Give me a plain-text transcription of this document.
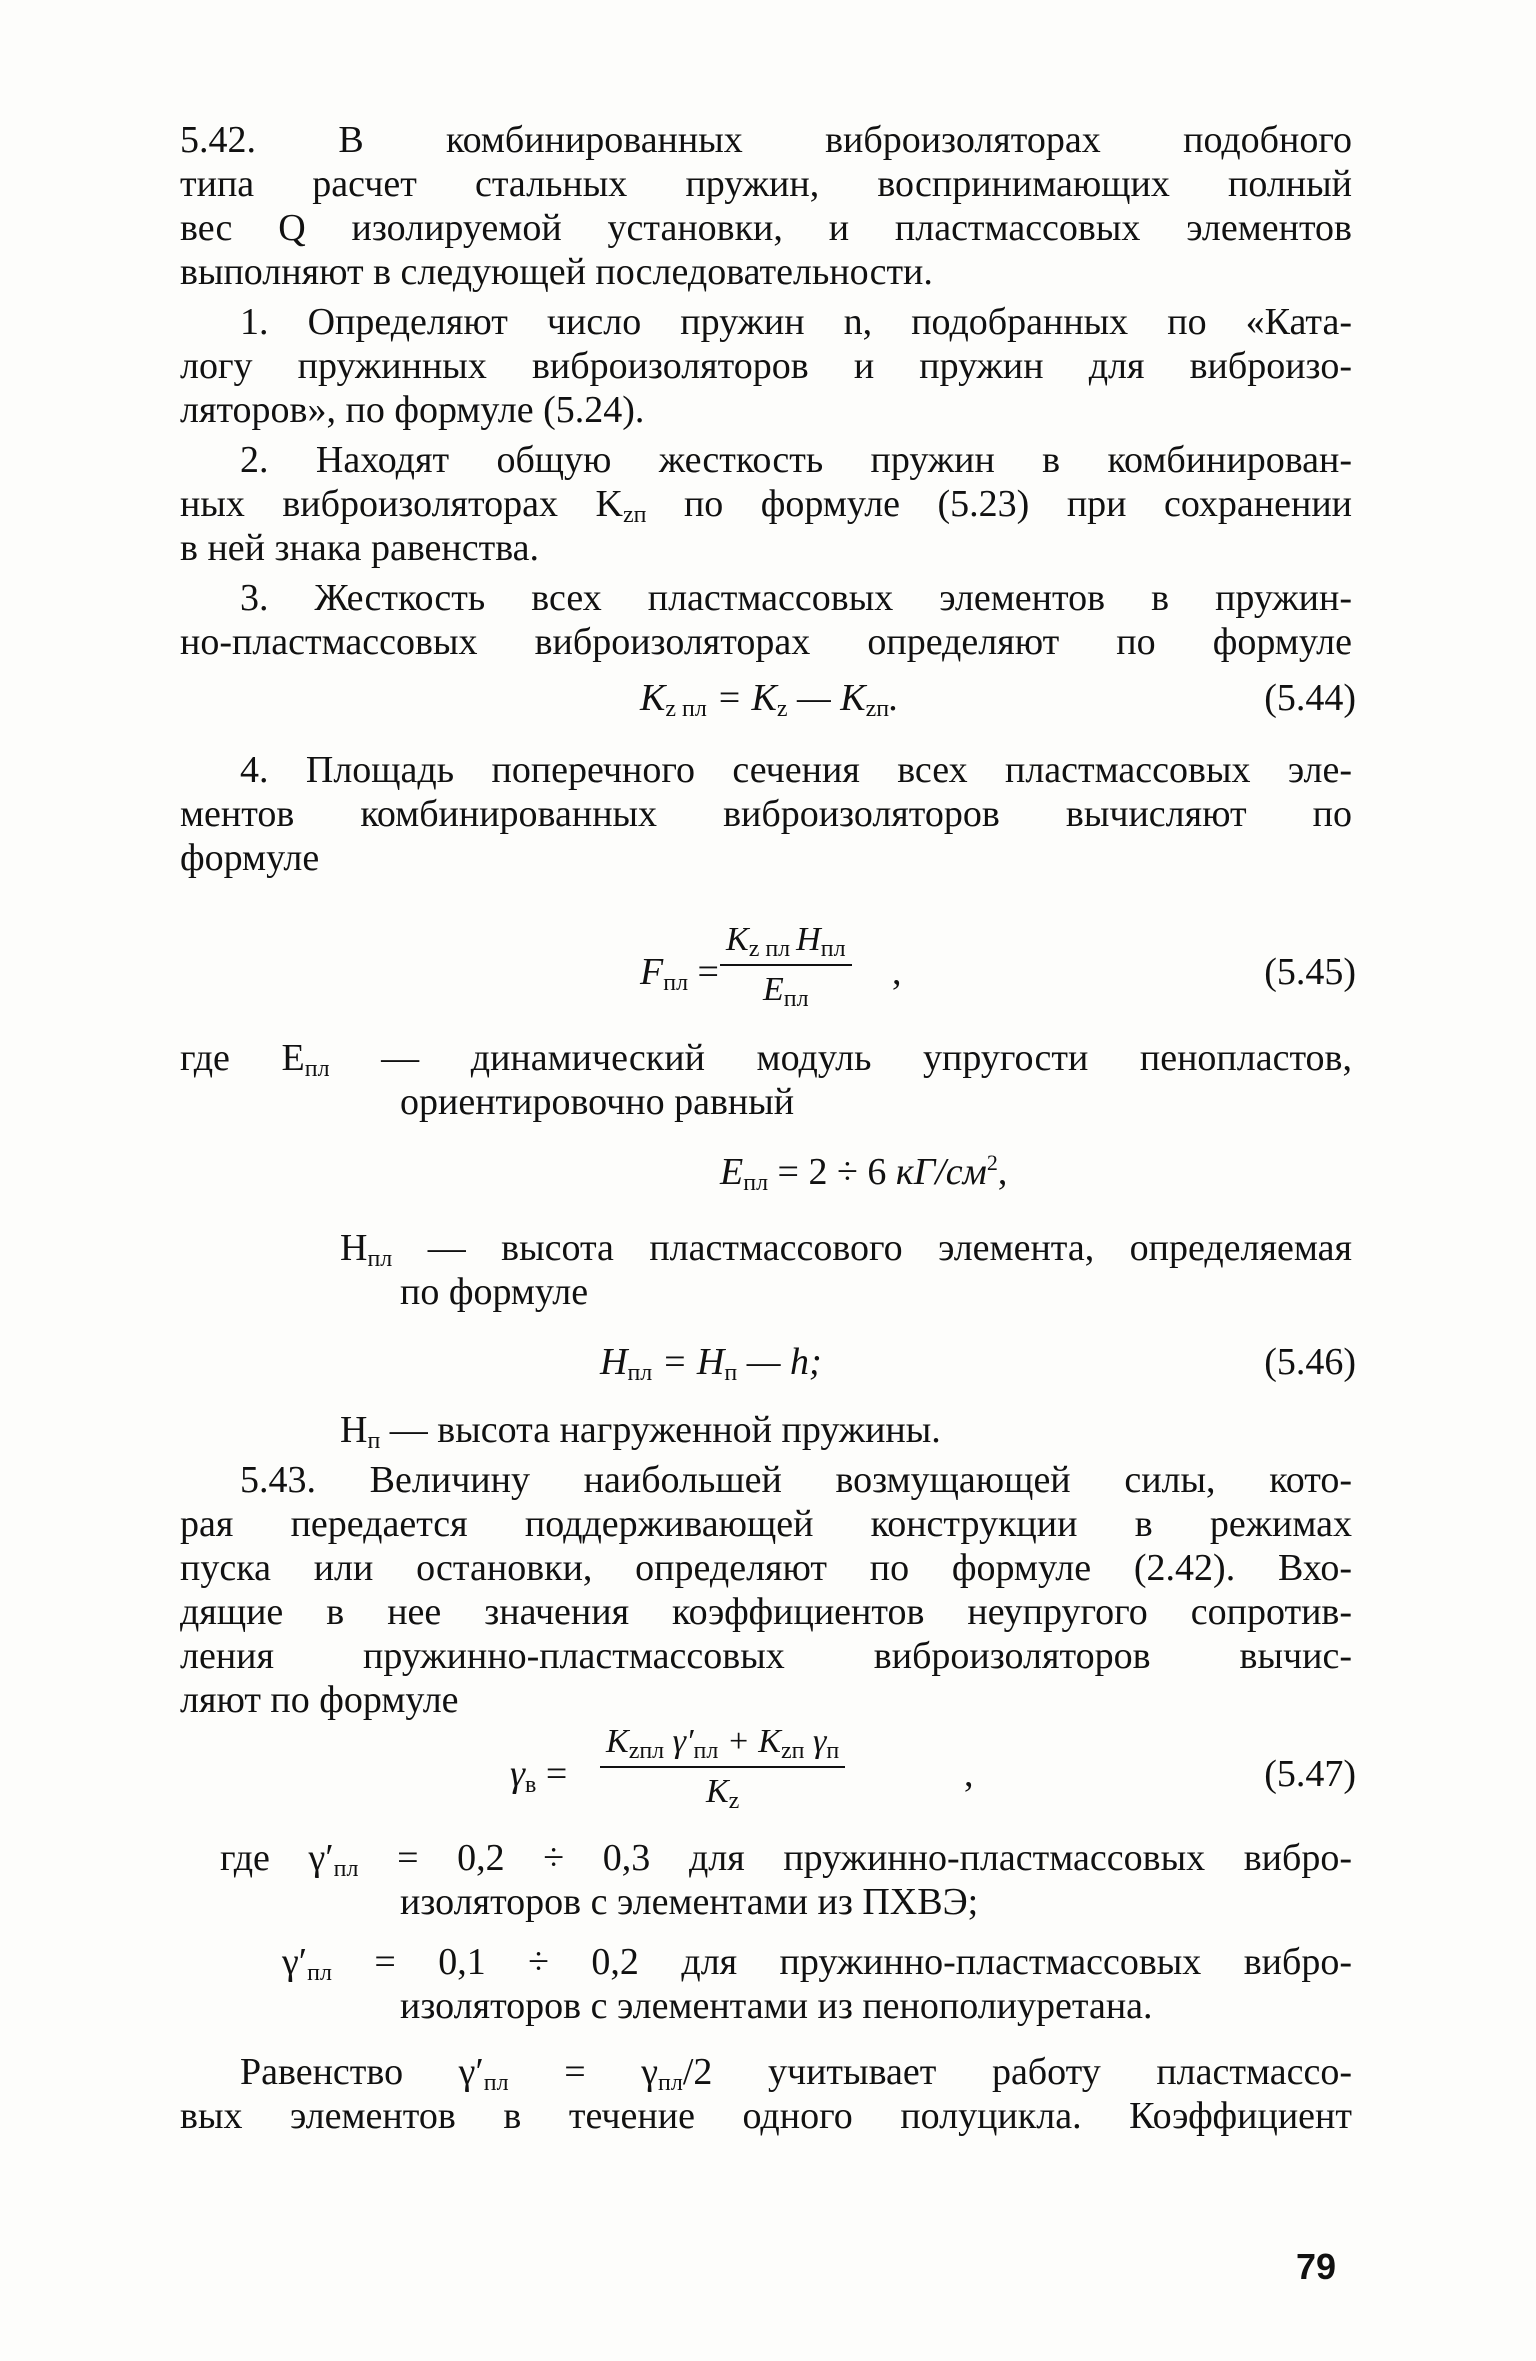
5.42. В комбинированных виброизоляторах подобного
типа расчет стальных пружин, воспринимающих полный
вес Q изолируемой установки, и пластмассовых элементов
выполняют в следующей последовательности.
1. Определяют число пружин n, подобранных по «Ката-
логу пружинных виброизоляторов и пружин для виброизо-
ляторов», по формуле (5.24).
2. Находят общую жесткость пружин в комбинирован-
ных виброизоляторах $K_{zп}$ по формуле (5.23) при сохранении
в ней знака равенства.
3. Жесткость всех пластмассовых элементов в пружин-
но-пластмассовых виброизоляторах определяют по формуле
$K_{z пл} = K_z$ — $K_{zп}$.	(5.44)
4. Площадь поперечного сечения всех пластмассовых эле-
ментов комбинированных виброизоляторов вычисляют по
формуле
$F_{пл}$ =
$K_{z пл}$ $H_{пл}$
$E_{пл}$
,	(5.45)
где $E_{пл}$ — динамический модуль упругости пенопластов,
ориентировочно равный
$E_{пл} = 2 \div 6$ $кГ/см^2$,
$H_{пл}$ — высота пластмассового элемента, определяемая
по формуле
$H_{пл} = H_п$ — h;	(5.46)
$H_п$ — высота нагруженной пружины.
5.43. Величину наибольшей возмущающей силы, кото-
рая передается поддерживающей конструкции в режимах
пуска или остановки, определяют по формуле (2.42). Вхо-
дящие в нее значения коэффициентов неупругого сопротив-
ления пружинно-пластмассовых виброизоляторов вычис-
ляют по формуле
$\gamma_в$ =
$K_{zпл}$ $\gamma'_{пл} + K_{zп}$ $\gamma_п$
$K_z$
,	(5.47)
где $\gamma'_{пл} = 0,2 \div 0,3$ для пружинно-пластмассовых вибро-
изоляторов с элементами из ПХВЭ;
$\gamma'_{пл} = 0,1 \div 0,2$ для пружинно-пластмассовых вибро-
изоляторов с элементами из пенополиуретана.
Равенство $\gamma'_{пл} = \gamma_{пл}/2$ учитывает работу пластмассо-
вых элементов в течение одного полуцикла. Коэффициент
79
